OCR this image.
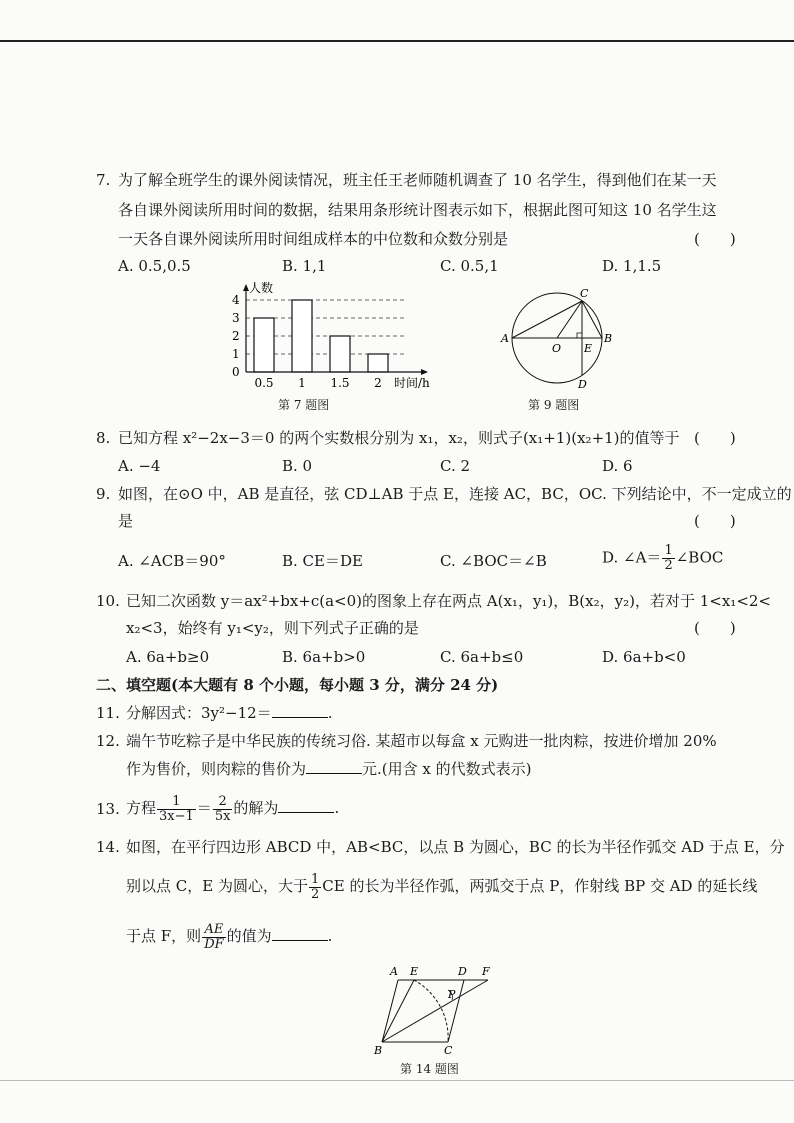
7. 为了解全班学生的课外阅读情况，班主任王老师随机调查了 10 名学生，得到他们在某一天
各自课外阅读所用时间的数据，结果用条形统计图表示如下，根据此图可知这 10 名学生这
一天各自课外阅读所用时间组成样本的中位数和众数分别是	(　　)
A. 0.5,0.5	B. 1,1	C. 0.5,1	D. 1,1.5
人数
时间/h
0
1
2
3
4
0.5 1 1.5 2
第 7 题图
A	B
C
D
E
O
第 9 题图
8. 已知方程 x²−2x−3＝0 的两个实数根分别为 x₁，x₂，则式子(x₁+1)(x₂+1)的值等于 (　　)
A. −4	B. 0	C. 2	D. 6
9. 如图，在⊙O 中，AB 是直径，弦 CD⊥AB 于点 E，连接 AC，BC，OC. 下列结论中，不一定成立的
是	(　　)
A. ∠ACB＝90°	B. CE＝DE	C. ∠BOC＝∠B	D. ∠A＝ $\frac{1}{2}$ ∠BOC
10. 已知二次函数 y＝ax²+bx+c(a<0)的图象上存在两点 A(x₁，y₁)，B(x₂，y₂)，若对于 1<x₁<2<
x₂<3，始终有 y₁<y₂，则下列式子正确的是	(　　)
A. 6a+b≥0	B. 6a+b>0	C. 6a+b≤0	D. 6a+b<0
二、填空题(本大题有 8 个小题，每小题 3 分，满分 24 分)
11. 分解因式：3y²−12＝	.
12. 端午节吃粽子是中华民族的传统习俗. 某超市以每盒 x 元购进一批肉粽，按进价增加 20%
作为售价，则肉粽的售价为	元.(用含 x 的代数式表示)
13. 方程 $\frac{1}{3x-1} = \frac{2}{5x}$ 的解为	.
14. 如图，在平行四边形 ABCD 中，AB<BC，以点 B 为圆心，BC 的长为半径作弧交 AD 于点 E，分
别以点 C，E 为圆心，大于 $\frac{1}{2}$ CE 的长为半径作弧，两弧交于点 P，作射线 BP 交 AD 的延长线
于点 F，则 $\frac{AE}{DF}$ 的值为	.
A E	D F
P
B	C
第 14 题图
